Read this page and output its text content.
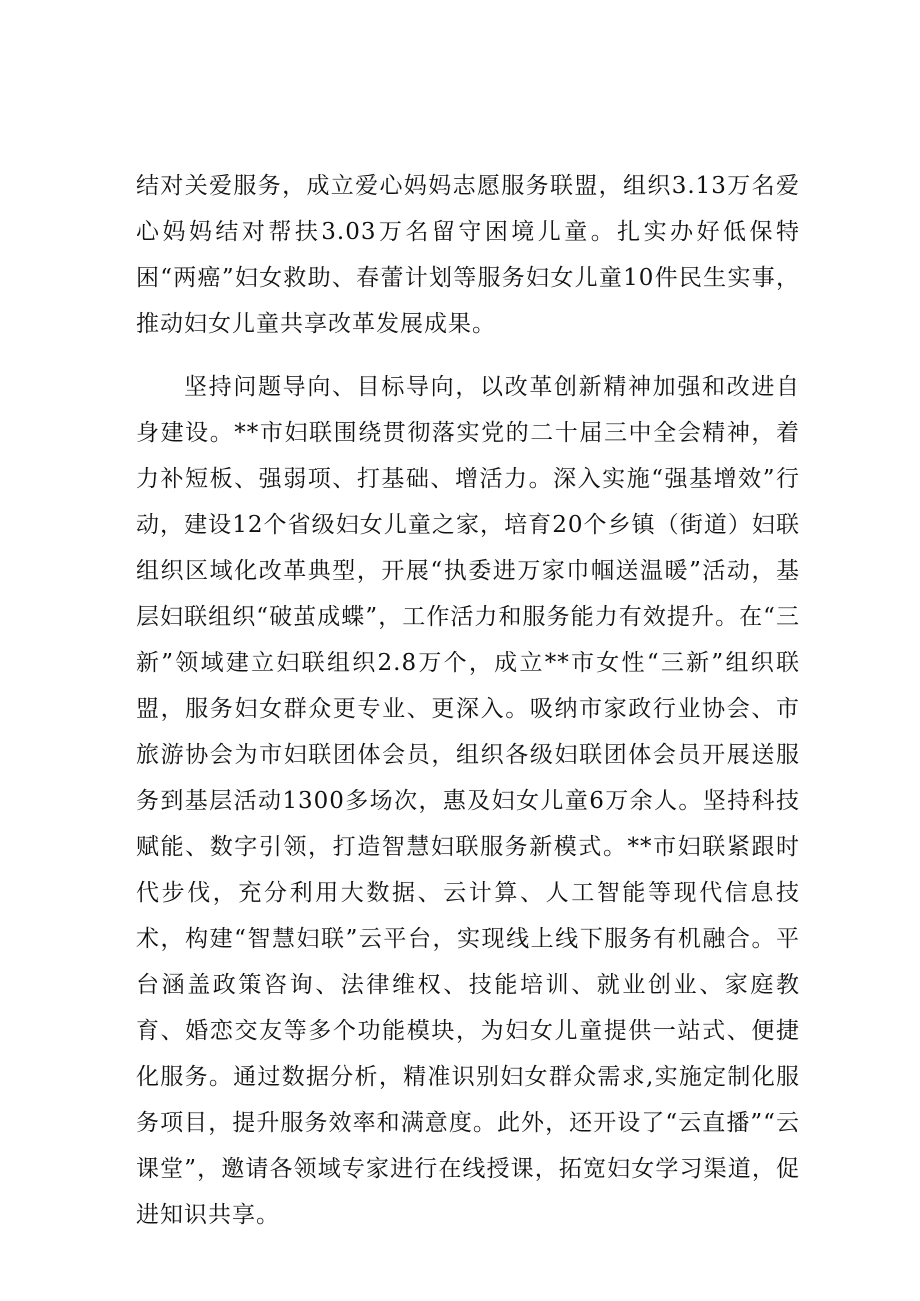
结对关爱服务，成立爱心妈妈志愿服务联盟，组织3.13万名爱心妈妈结对帮扶3.03万名留守困境儿童。扎实办好低保特困“两癌”妇女救助、春蕾计划等服务妇女儿童10件民生实事，推动妇女儿童共享改革发展成果。

坚持问题导向、目标导向，以改革创新精神加强和改进自身建设。**市妇联围绕贯彻落实党的二十届三中全会精神，着力补短板、强弱项、打基础、增活力。深入实施“强基增效”行动，建设12个省级妇女儿童之家，培育20个乡镇（街道）妇联组织区域化改革典型，开展“执委进万家巾帼送温暖”活动，基层妇联组织“破茧成蝶”，工作活力和服务能力有效提升。在“三新”领域建立妇联组织2.8万个，成立**市女性“三新”组织联盟，服务妇女群众更专业、更深入。吸纳市家政行业协会、市旅游协会为市妇联团体会员，组织各级妇联团体会员开展送服务到基层活动1300多场次，惠及妇女儿童6万余人。坚持科技赋能、数字引领，打造智慧妇联服务新模式。**市妇联紧跟时代步伐，充分利用大数据、云计算、人工智能等现代信息技术，构建“智慧妇联”云平台，实现线上线下服务有机融合。平台涵盖政策咨询、法律维权、技能培训、就业创业、家庭教育、婚恋交友等多个功能模块，为妇女儿童提供一站式、便捷化服务。通过数据分析，精准识别妇女群众需求,实施定制化服务项目，提升服务效率和满意度。此外，还开设了“云直播”“云课堂”，邀请各领域专家进行在线授课，拓宽妇女学习渠道，促进知识共享。
